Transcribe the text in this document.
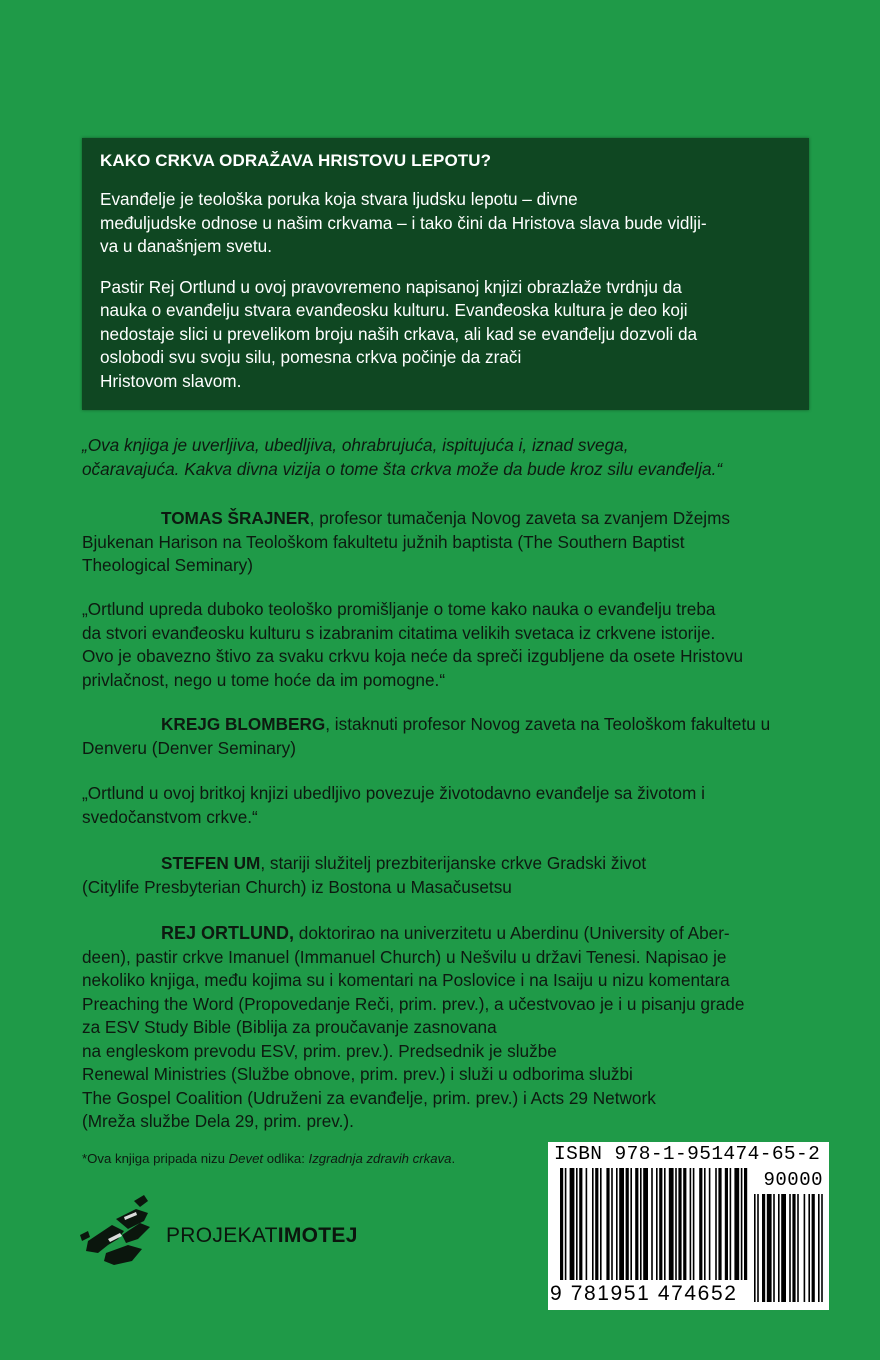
KAKO CRKVA ODRAŽAVA HRISTOVU LEPOTU?

Evanđelje je teološka poruka koja stvara ljudsku lepotu – divne
međuljudske odnose u našim crkvama – i tako čini da Hristova slava bude vidlji-
va u današnjem svetu.

Pastir Rej Ortlund u ovoj pravovremeno napisanoj knjizi obrazlaže tvrdnju da
nauka o evanđelju stvara evanđeosku kulturu. Evanđeoska kultura je deo koji
nedostaje slici u prevelikom broju naših crkava, ali kad se evanđelju dozvoli da
oslobodi svu svoju silu, pomesna crkva počinje da zrači
Hristovom slavom.

„Ova knjiga je uverljiva, ubedljiva, ohrabrujuća, ispitujuća i, iznad svega,
očaravajuća. Kakva divna vizija o tome šta crkva može da bude kroz silu evanđelja.“
TOMAS ŠRAJNER, profesor tumačenja Novog zaveta sa zvanjem Džejms
Bjukenan Harison na Teološkom fakultetu južnih baptista (The Southern Baptist
Theological Seminary)
„Ortlund upreda duboko teološko promišljanje o tome kako nauka o evanđelju treba
da stvori evanđeosku kulturu s izabranim citatima velikih svetaca iz crkvene istorije.
Ovo je obavezno štivo za svaku crkvu koja neće da spreči izgubljene da osete Hristovu
privlačnost, nego u tome hoće da im pomogne.“
KREJG BLOMBERG, istaknuti profesor Novog zaveta na Teološkom fakultetu u
Denveru (Denver Seminary)
„Ortlund u ovoj britkoj knjizi ubedljivo povezuje životodavno evanđelje sa životom i
svedočanstvom crkve.“
STEFEN UM, stariji služitelj prezbiterijanske crkve Gradski život
(Citylife Presbyterian Church) iz Bostona u Masačusetsu
REJ ORTLUND, doktorirao na univerzitetu u Aberdinu (University of Aber-
deen), pastir crkve Imanuel (Immanuel Church) u Nešvilu u državi Tenesi. Napisao je
nekoliko knjiga, među kojima su i komentari na Poslovice i na Isaiju u nizu komentara
Preaching the Word (Propovedanje Reči, prim. prev.), a učestvovao je i u pisanju grade
za ESV Study Bible (Biblija za proučavanje zasnovana
na engleskom prevodu ESV, prim. prev.). Predsednik je službe
Renewal Ministries (Službe obnove, prim. prev.) i služi u odborima službi
The Gospel Coalition (Udruženi za evanđelje, prim. prev.) i Acts 29 Network
(Mreža službe Dela 29, prim. prev.).
*Ova knjiga pripada nizu Devet odlika: Izgradnja zdravih crkava.
PROJEKATIMOTEJ
ISBN 978-1-951474-65-2
90000
9 781951 474652
